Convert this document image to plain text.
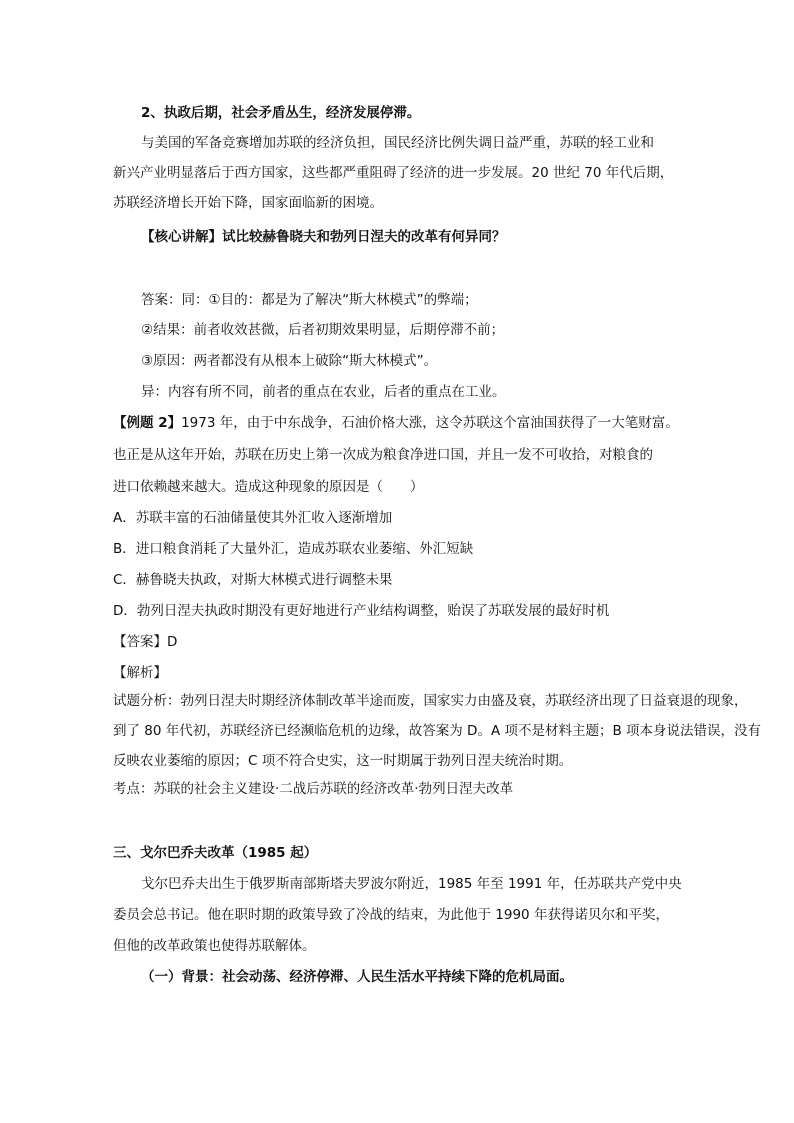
2、执政后期，社会矛盾丛生，经济发展停滞。
与美国的军备竞赛增加苏联的经济负担，国民经济比例失调日益严重，苏联的轻工业和
新兴产业明显落后于西方国家，这些都严重阻碍了经济的进一步发展。20 世纪 70 年代后期，
苏联经济增长开始下降，国家面临新的困境。
【核心讲解】试比较赫鲁晓夫和勃列日涅夫的改革有何异同？
答案：同：①目的：都是为了解决“斯大林模式”的弊端；
②结果：前者收效甚微，后者初期效果明显，后期停滞不前；
③原因：两者都没有从根本上破除“斯大林模式”。
异：内容有所不同，前者的重点在农业，后者的重点在工业。
【例题 2】1973 年，由于中东战争，石油价格大涨，这令苏联这个富油国获得了一大笔财富。
也正是从这年开始，苏联在历史上第一次成为粮食净进口国，并且一发不可收拾，对粮食的
进口依赖越来越大。造成这种现象的原因是（　　）
A．苏联丰富的石油储量使其外汇收入逐渐增加
B．进口粮食消耗了大量外汇，造成苏联农业萎缩、外汇短缺
C．赫鲁晓夫执政，对斯大林模式进行调整未果
D．勃列日涅夫执政时期没有更好地进行产业结构调整，贻误了苏联发展的最好时机
【答案】D
【解析】
试题分析：勃列日涅夫时期经济体制改革半途而废，国家实力由盛及衰，苏联经济出现了日益衰退的现象，
到了 80 年代初，苏联经济已经濒临危机的边缘，故答案为 D。A 项不是材料主题；B 项本身说法错误，没有
反映农业萎缩的原因；C 项不符合史实，这一时期属于勃列日涅夫统治时期。
考点：苏联的社会主义建设·二战后苏联的经济改革·勃列日涅夫改革
三、戈尔巴乔夫改革（1985 起）
戈尔巴乔夫出生于俄罗斯南部斯塔夫罗波尔附近，1985 年至 1991 年，任苏联共产党中央
委员会总书记。他在职时期的政策导致了冷战的结束，为此他于 1990 年获得诺贝尔和平奖，
但他的改革政策也使得苏联解体。
（一）背景：社会动荡、经济停滞、人民生活水平持续下降的危机局面。
